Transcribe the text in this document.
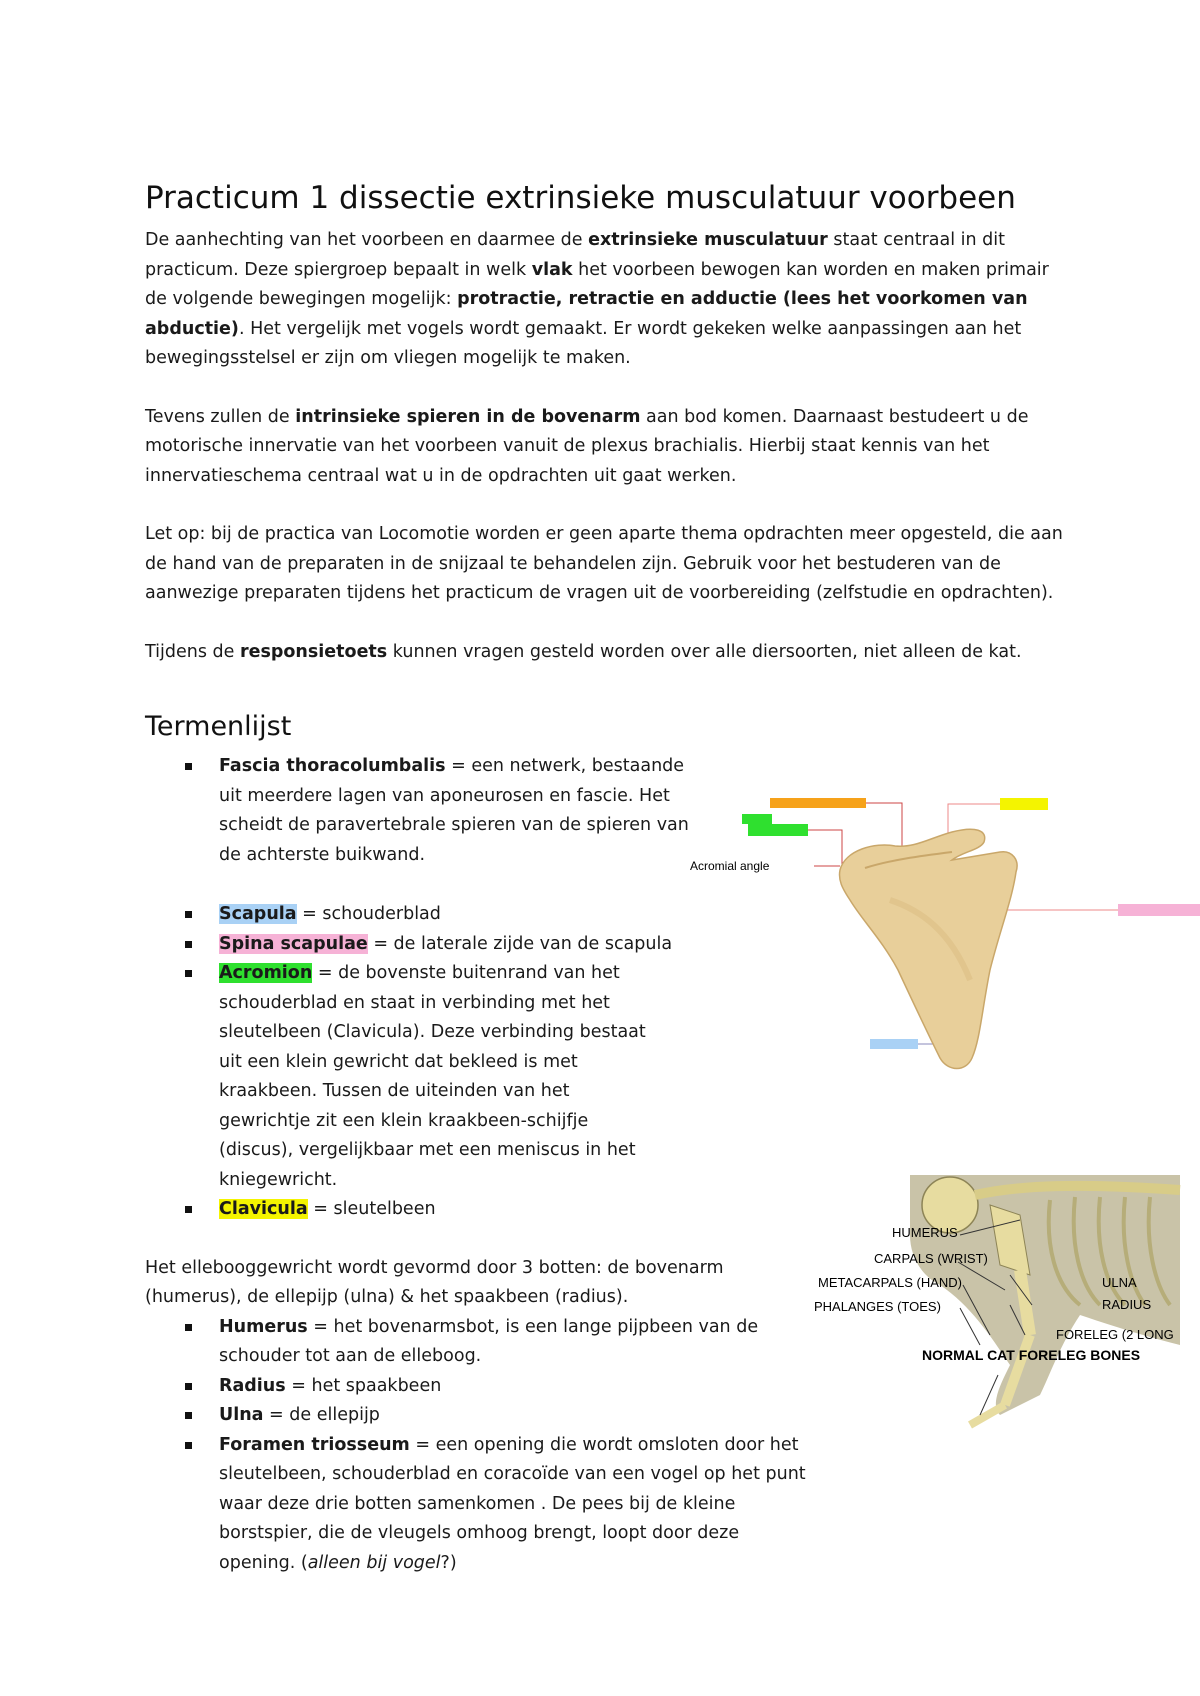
Practicum 1 dissectie extrinsieke musculatuur voorbeen

De aanhechting van het voorbeen en daarmee de extrinsieke musculatuur staat centraal in dit practicum. Deze spiergroep bepaalt in welk vlak het voorbeen bewogen kan worden en maken primair de volgende bewegingen mogelijk: protractie, retractie en adductie (lees het voorkomen van abductie). Het vergelijk met vogels wordt gemaakt. Er wordt gekeken welke aanpassingen aan het bewegingsstelsel er zijn om vliegen mogelijk te maken.

Tevens zullen de intrinsieke spieren in de bovenarm aan bod komen. Daarnaast bestudeert u de motorische innervatie van het voorbeen vanuit de plexus brachialis. Hierbij staat kennis van het innervatieschema centraal wat u in de opdrachten uit gaat werken.

Let op: bij de practica van Locomotie worden er geen aparte thema opdrachten meer opgesteld, die aan de hand van de preparaten in de snijzaal te behandelen zijn. Gebruik voor het bestuderen van de aanwezige preparaten tijdens het practicum de vragen uit de voorbereiding (zelfstudie en opdrachten).

Tijdens de responsietoets kunnen vragen gesteld worden over alle diersoorten, niet alleen de kat.

Termenlijst
Fascia thoracolumbalis = een netwerk, bestaande uit meerdere lagen van aponeurosen en fascie. Het scheidt de paravertebrale spieren van de spieren van de achterste buikwand.
Scapula = schouderblad
Spina scapulae = de laterale zijde van de scapula
Acromion = de bovenste buitenrand van het schouderblad en staat in verbinding met het sleutelbeen (Clavicula). Deze verbinding bestaat uit een klein gewricht dat bekleed is met kraakbeen. Tussen de uiteinden van het gewrichtje zit een klein kraakbeen-schijfje (discus), vergelijkbaar met een meniscus in het kniegewricht.
Clavicula = sleutelbeen

Het ellebooggewricht wordt gevormd door 3 botten: de bovenarm (humerus), de ellepijp (ulna) & het spaakbeen (radius).

Humerus = het bovenarmsbot, is een lange pijpbeen van de schouder tot aan de elleboog.
Radius = het spaakbeen
Ulna = de ellepijp
Foramen triosseum = een opening die wordt omsloten door het sleutelbeen, schouderblad en coracoïde van een vogel op het punt waar deze drie botten samenkomen . De pees bij de kleine borstspier, die de vleugels omhoog brengt, loopt door deze opening. (alleen bij vogel?)
Acromial angle
HUMERUS
CARPALS (WRIST)
METACARPALS (HAND)
PHALANGES (TOES)
ULNA
RADIUS
FORELEG (2 LONG
NORMAL CAT FORELEG BONES
